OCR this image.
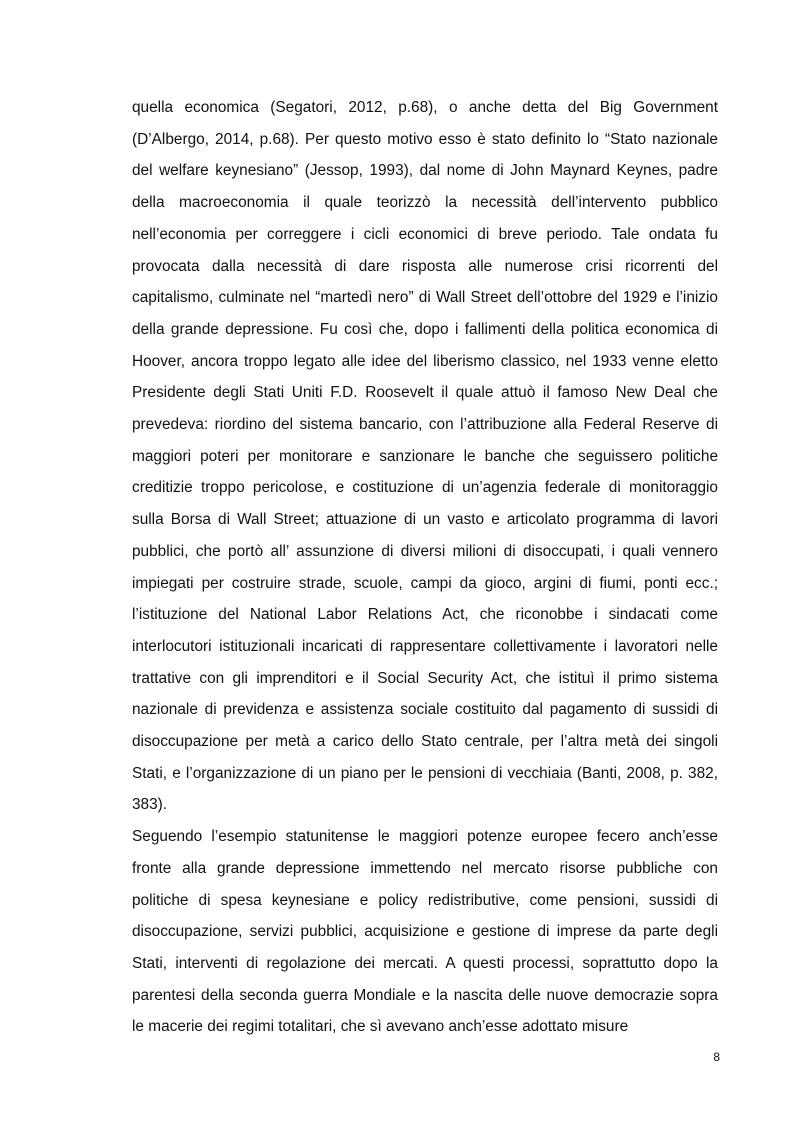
quella economica (Segatori, 2012, p.68), o anche detta del Big Government (D’Albergo, 2014, p.68). Per questo motivo esso è stato definito lo “Stato nazionale del welfare keynesiano” (Jessop, 1993), dal nome di John Maynard Keynes, padre della macroeconomia il quale teorizzò la necessità dell’intervento pubblico nell’economia per correggere i cicli economici di breve periodo. Tale ondata fu provocata dalla necessità di dare risposta alle numerose crisi ricorrenti del capitalismo, culminate nel “martedì nero” di Wall Street dell’ottobre del 1929 e l’inizio della grande depressione. Fu così che, dopo i fallimenti della politica economica di Hoover, ancora troppo legato alle idee del liberismo classico, nel 1933 venne eletto Presidente degli Stati Uniti F.D. Roosevelt il quale attuò il famoso New Deal che prevedeva: riordino del sistema bancario, con l’attribuzione alla Federal Reserve di maggiori poteri per monitorare e sanzionare le banche che seguissero politiche creditizie troppo pericolose, e costituzione di un’agenzia federale di monitoraggio sulla Borsa di Wall Street; attuazione di un vasto e articolato programma di lavori pubblici, che portò all’ assunzione di diversi milioni di disoccupati, i quali vennero impiegati per costruire strade, scuole, campi da gioco, argini di fiumi, ponti ecc.; l’istituzione del National Labor Relations Act, che riconobbe i sindacati come interlocutori istituzionali incaricati di rappresentare collettivamente i lavoratori nelle trattative con gli imprenditori e il Social Security Act, che istituì il primo sistema nazionale di previdenza e assistenza sociale costituito dal pagamento di sussidi di disoccupazione per metà a carico dello Stato centrale, per l’altra metà dei singoli Stati, e l’organizzazione di un piano per le pensioni di vecchiaia (Banti, 2008, p. 382, 383).

Seguendo l’esempio statunitense le maggiori potenze europee fecero anch’esse fronte alla grande depressione immettendo nel mercato risorse pubbliche con politiche di spesa keynesiane e policy redistributive, come pensioni, sussidi di disoccupazione, servizi pubblici, acquisizione e gestione di imprese da parte degli Stati, interventi di regolazione dei mercati. A questi processi, soprattutto dopo la parentesi della seconda guerra Mondiale e la nascita delle nuove democrazie sopra le macerie dei regimi totalitari, che sì avevano anch’esse adottato misure

8
